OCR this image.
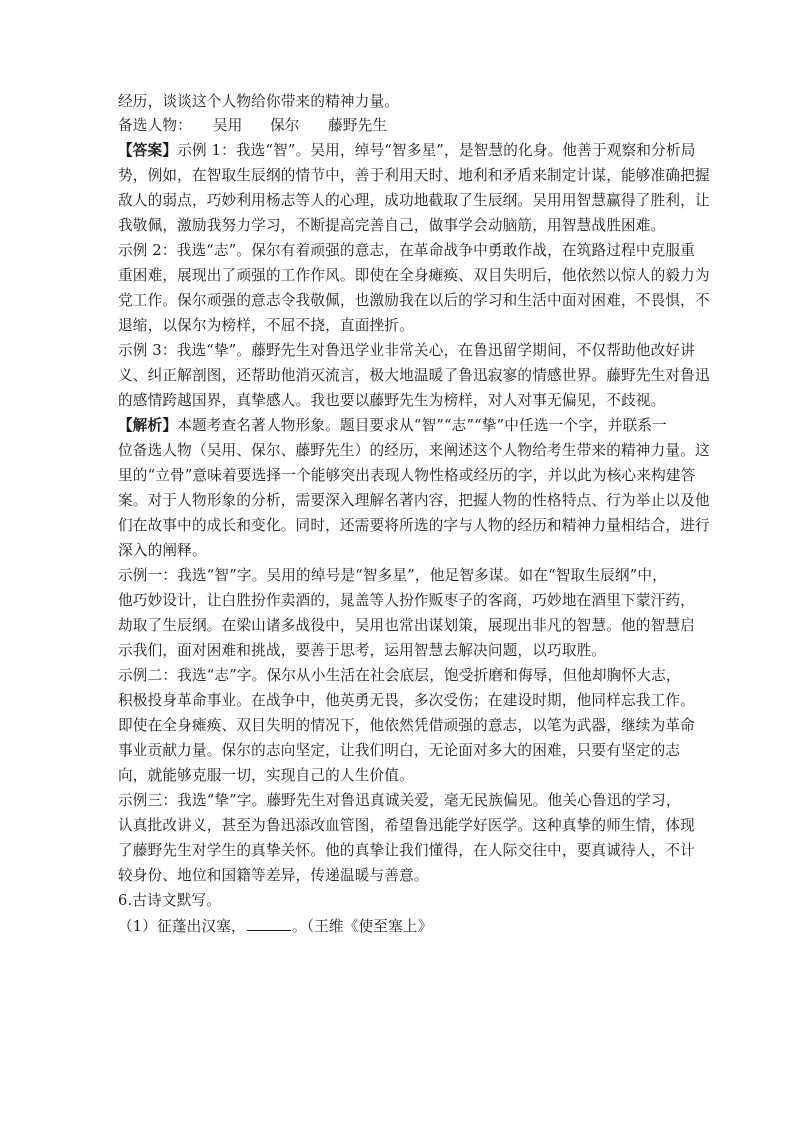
经历，谈谈这个人物给你带来的精神力量。
备选人物： 吴用 保尔 藤野先生
【答案】示例 1：我选“智”。吴用，绰号“智多星”，是智慧的化身。他善于观察和分析局
势，例如，在智取生辰纲的情节中，善于利用天时、地利和矛盾来制定计谋，能够准确把握
敌人的弱点，巧妙利用杨志等人的心理，成功地截取了生辰纲。吴用用智慧赢得了胜利，让
我敬佩，激励我努力学习，不断提高完善自己，做事学会动脑筋，用智慧战胜困难。
示例 2：我选“志”。保尔有着顽强的意志，在革命战争中勇敢作战，在筑路过程中克服重
重困难，展现出了顽强的工作作风。即使在全身瘫痪、双目失明后，他依然以惊人的毅力为
党工作。保尔顽强的意志令我敬佩，也激励我在以后的学习和生活中面对困难，不畏惧，不
退缩，以保尔为榜样，不屈不挠，直面挫折。
示例 3：我选“挚”。藤野先生对鲁迅学业非常关心，在鲁迅留学期间，不仅帮助他改好讲
义、纠正解剖图，还帮助他消灭流言，极大地温暖了鲁迅寂寥的情感世界。藤野先生对鲁迅
的感情跨越国界，真挚感人。我也要以藤野先生为榜样，对人对事无偏见，不歧视。
【解析】本题考查名著人物形象。题目要求从“智”“志”“挚”中任选一个字，并联系一
位备选人物（吴用、保尔、藤野先生）的经历，来阐述这个人物给考生带来的精神力量。这
里的“立骨”意味着要选择一个能够突出表现人物性格或经历的字，并以此为核心来构建答
案。对于人物形象的分析，需要深入理解名著内容，把握人物的性格特点、行为举止以及他
们在故事中的成长和变化。同时，还需要将所选的字与人物的经历和精神力量相结合，进行
深入的阐释。
示例一：我选“智”字。吴用的绰号是“智多星”，他足智多谋。如在“智取生辰纲”中，
他巧妙设计，让白胜扮作卖酒的，晁盖等人扮作贩枣子的客商，巧妙地在酒里下蒙汗药，
劫取了生辰纲。在梁山诸多战役中，吴用也常出谋划策，展现出非凡的智慧。他的智慧启
示我们，面对困难和挑战，要善于思考，运用智慧去解决问题，以巧取胜。
示例二：我选“志”字。保尔从小生活在社会底层，饱受折磨和侮辱，但他却胸怀大志，
积极投身革命事业。在战争中，他英勇无畏，多次受伤；在建设时期，他同样忘我工作。
即使在全身瘫痪、双目失明的情况下，他依然凭借顽强的意志，以笔为武器，继续为革命
事业贡献力量。保尔的志向坚定，让我们明白，无论面对多大的困难，只要有坚定的志
向，就能够克服一切，实现自己的人生价值。
示例三：我选“挚”字。藤野先生对鲁迅真诚关爱，毫无民族偏见。他关心鲁迅的学习，
认真批改讲义，甚至为鲁迅添改血管图，希望鲁迅能学好医学。这种真挚的师生情，体现
了藤野先生对学生的真挚关怀。他的真挚让我们懂得，在人际交往中，要真诚待人，不计
较身份、地位和国籍等差异，传递温暖与善意。
6.古诗文默写。
（1）征蓬出汉塞，	。（王维《使至塞上》
